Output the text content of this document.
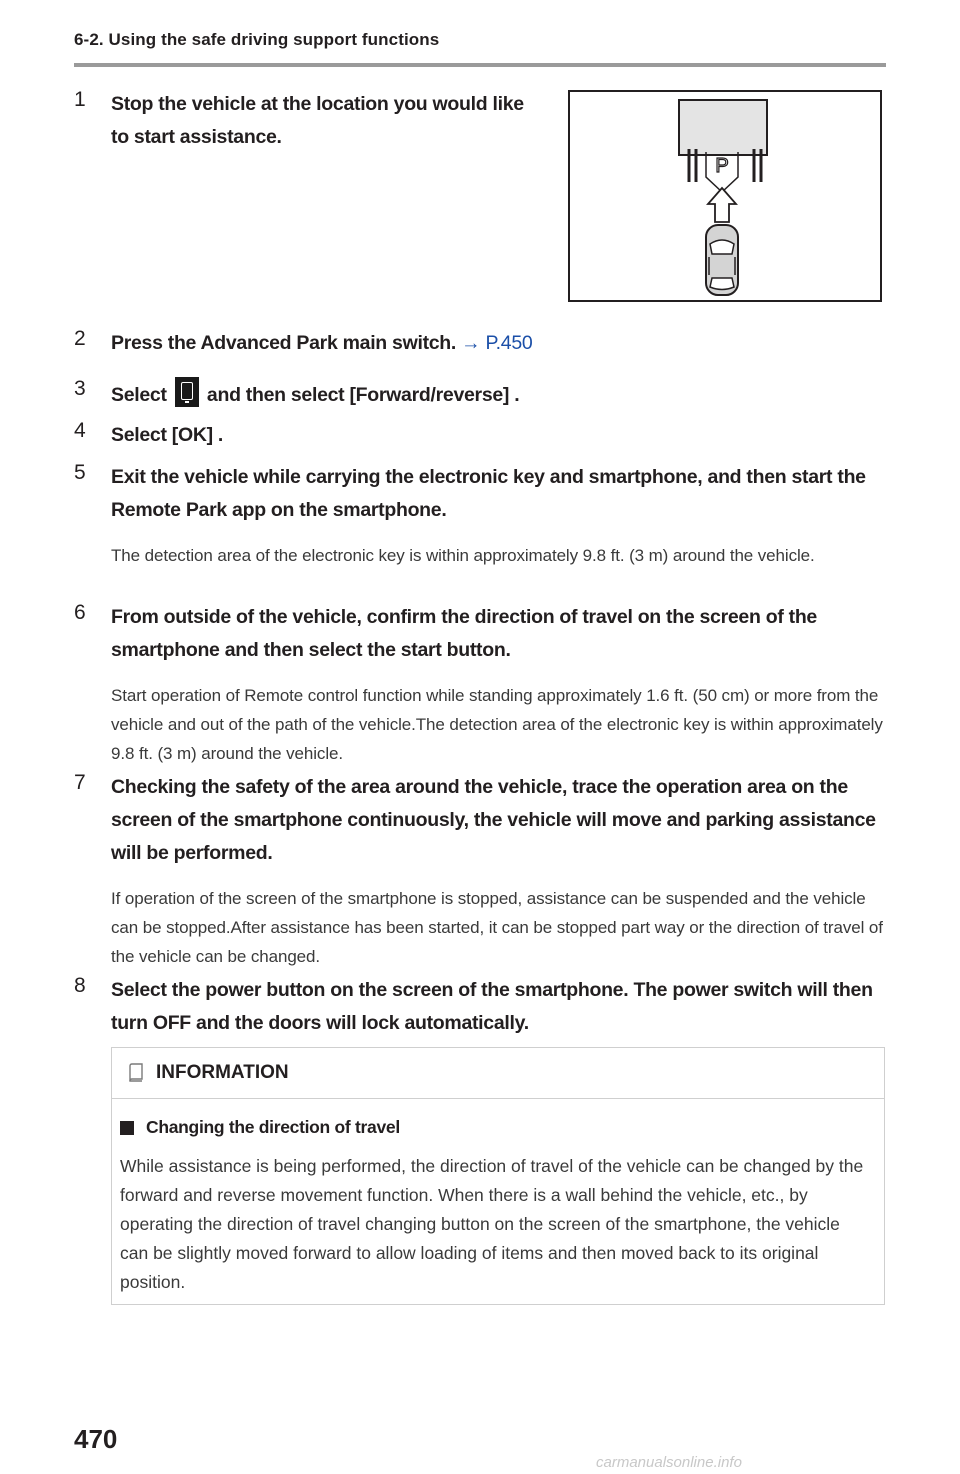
6-2. Using the safe driving support functions
1	Stop the vehicle at the location you would like to start assistance.
P
2	Press the Advanced Park main switch. → P.450
3	Select and then select [Forward/reverse] .
4	Select [OK] .
5	Exit the vehicle while carrying the electronic key and smartphone, and then start the Remote Park app on the smartphone.
The detection area of the electronic key is within approximately 9.8 ft. (3 m) around the vehicle.
6	From outside of the vehicle, confirm the direction of travel on the screen of the smartphone and then select the start button.
Start operation of Remote control function while standing approximately 1.6 ft. (50 cm) or more from the vehicle and out of the path of the vehicle.The detection area of the electronic key is within approximately 9.8 ft. (3 m) around the vehicle.
7	Checking the safety of the area around the vehicle, trace the operation area on the screen of the smartphone continuously, the vehicle will move and parking assistance will be performed.
If operation of the screen of the smartphone is stopped, assistance can be suspended and the vehicle can be stopped.After assistance has been started, it can be stopped part way or the direction of travel of the vehicle can be changed.
8	Select the power button on the screen of the smartphone. The power switch will then turn OFF and the doors will lock automatically.
INFORMATION
Changing the direction of travel
While assistance is being performed, the direction of travel of the vehicle can be changed by the forward and reverse movement function. When there is a wall behind the vehicle, etc., by operating the direction of travel changing button on the screen of the smartphone, the vehicle can be slightly moved forward to allow loading of items and then moved back to its original position.
470
carmanualsonline.info
